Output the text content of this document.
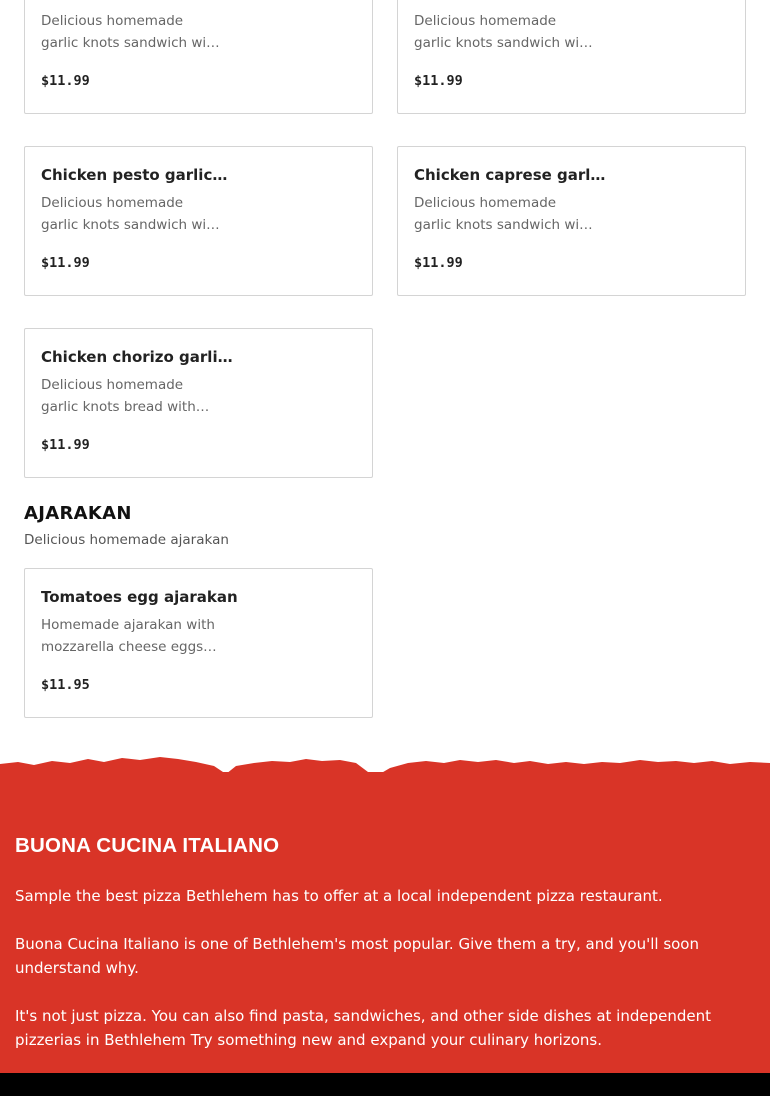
Delicious homemade
garlic knots sandwich wi…
$11.99
Delicious homemade
garlic knots sandwich wi…
$11.99
Chicken pesto garlic…
Delicious homemade
garlic knots sandwich wi…
$11.99
Chicken caprese garl…
Delicious homemade
garlic knots sandwich wi…
$11.99
Chicken chorizo garli…
Delicious homemade
garlic knots bread with…
$11.99
AJARAKAN
Delicious homemade ajarakan
Tomatoes egg ajarakan
Homemade ajarakan with
mozzarella cheese eggs…
$11.95
BUONA CUCINA ITALIANO

Sample the best pizza Bethlehem has to offer at a local independent pizza restaurant.

Buona Cucina Italiano is one of Bethlehem's most popular. Give them a try, and you'll soon understand why.

It's not just pizza. You can also find pasta, sandwiches, and other side dishes at independent pizzerias in Bethlehem Try something new and expand your culinary horizons.
